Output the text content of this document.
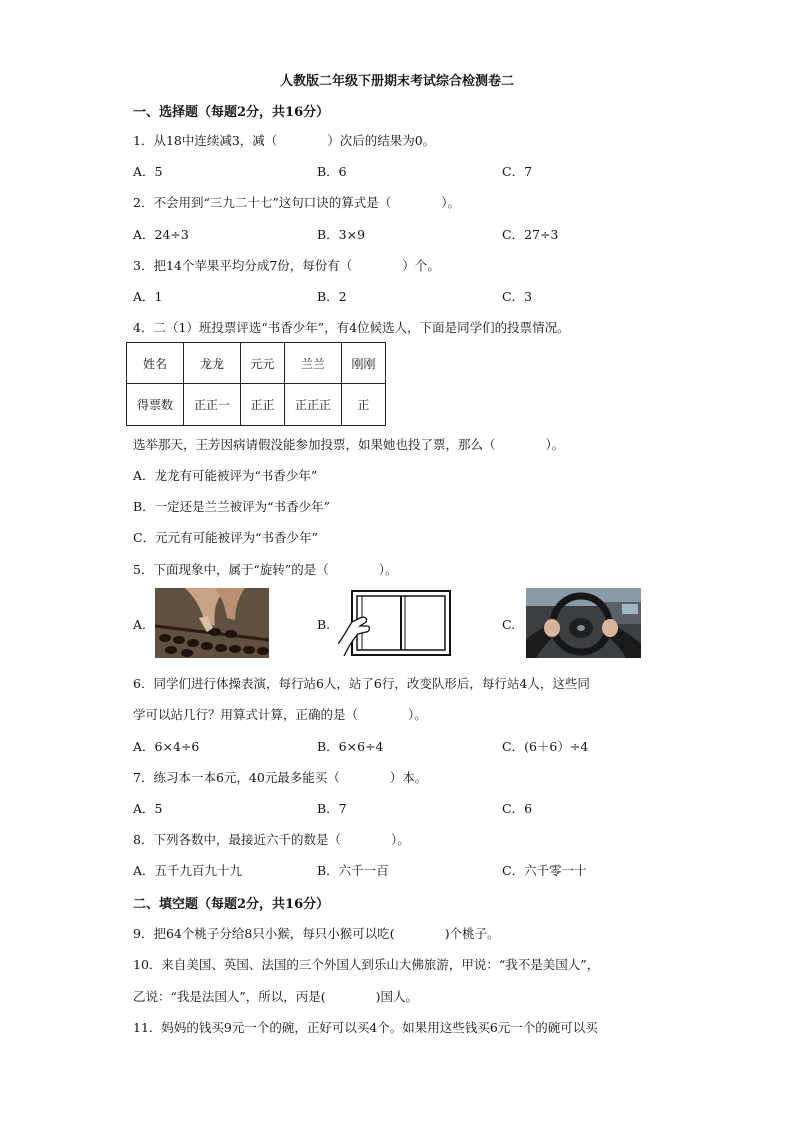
人教版二年级下册期末考试综合检测卷二
一、选择题（每题2分，共16分）
1．从18中连续减3，减（　　　　）次后的结果为0。
A．5	B．6	C．7
2．不会用到“三九二十七”这句口诀的算式是（　　　　）。
A．24÷3	B．3×9	C．27÷3
3．把14个苹果平均分成7份，每份有（　　　　）个。
A．1	B．2	C．3
4．二（1）班投票评选“书香少年”，有4位候选人，下面是同学们的投票情况。
姓名	龙龙	元元	兰兰	刚刚
得票数	正正一	正正	正正正	正
选举那天，王芳因病请假没能参加投票，如果她也投了票，那么（　　　　）。
A．龙龙有可能被评为“书香少年”
B．一定还是兰兰被评为“书香少年”
C．元元有可能被评为“书香少年”
5．下面现象中，属于“旋转”的是（　　　　）。
A.	B.	C.
6．同学们进行体操表演，每行站6人，站了6行，改变队形后，每行站4人，这些同
学可以站几行？用算式计算，正确的是（　　　　）。
A．6×4÷6	B．6×6÷4	C．(6＋6）÷4
7．练习本一本6元，40元最多能买（　　　　）本。
A．5	B．7	C．6
8．下列各数中，最接近六千的数是（　　　　）。
A．五千九百九十九	B．六千一百	C．六千零一十
二、填空题（每题2分，共16分）
9．把64个桃子分给8只小猴，每只小猴可以吃(　　　　)个桃子。
10．来自美国、英国、法国的三个外国人到乐山大佛旅游，甲说：“我不是美国人”，
乙说：“我是法国人”，所以，丙是(　　　　)国人。
11．妈妈的钱买9元一个的碗，正好可以买4个。如果用这些钱买6元一个的碗可以买
